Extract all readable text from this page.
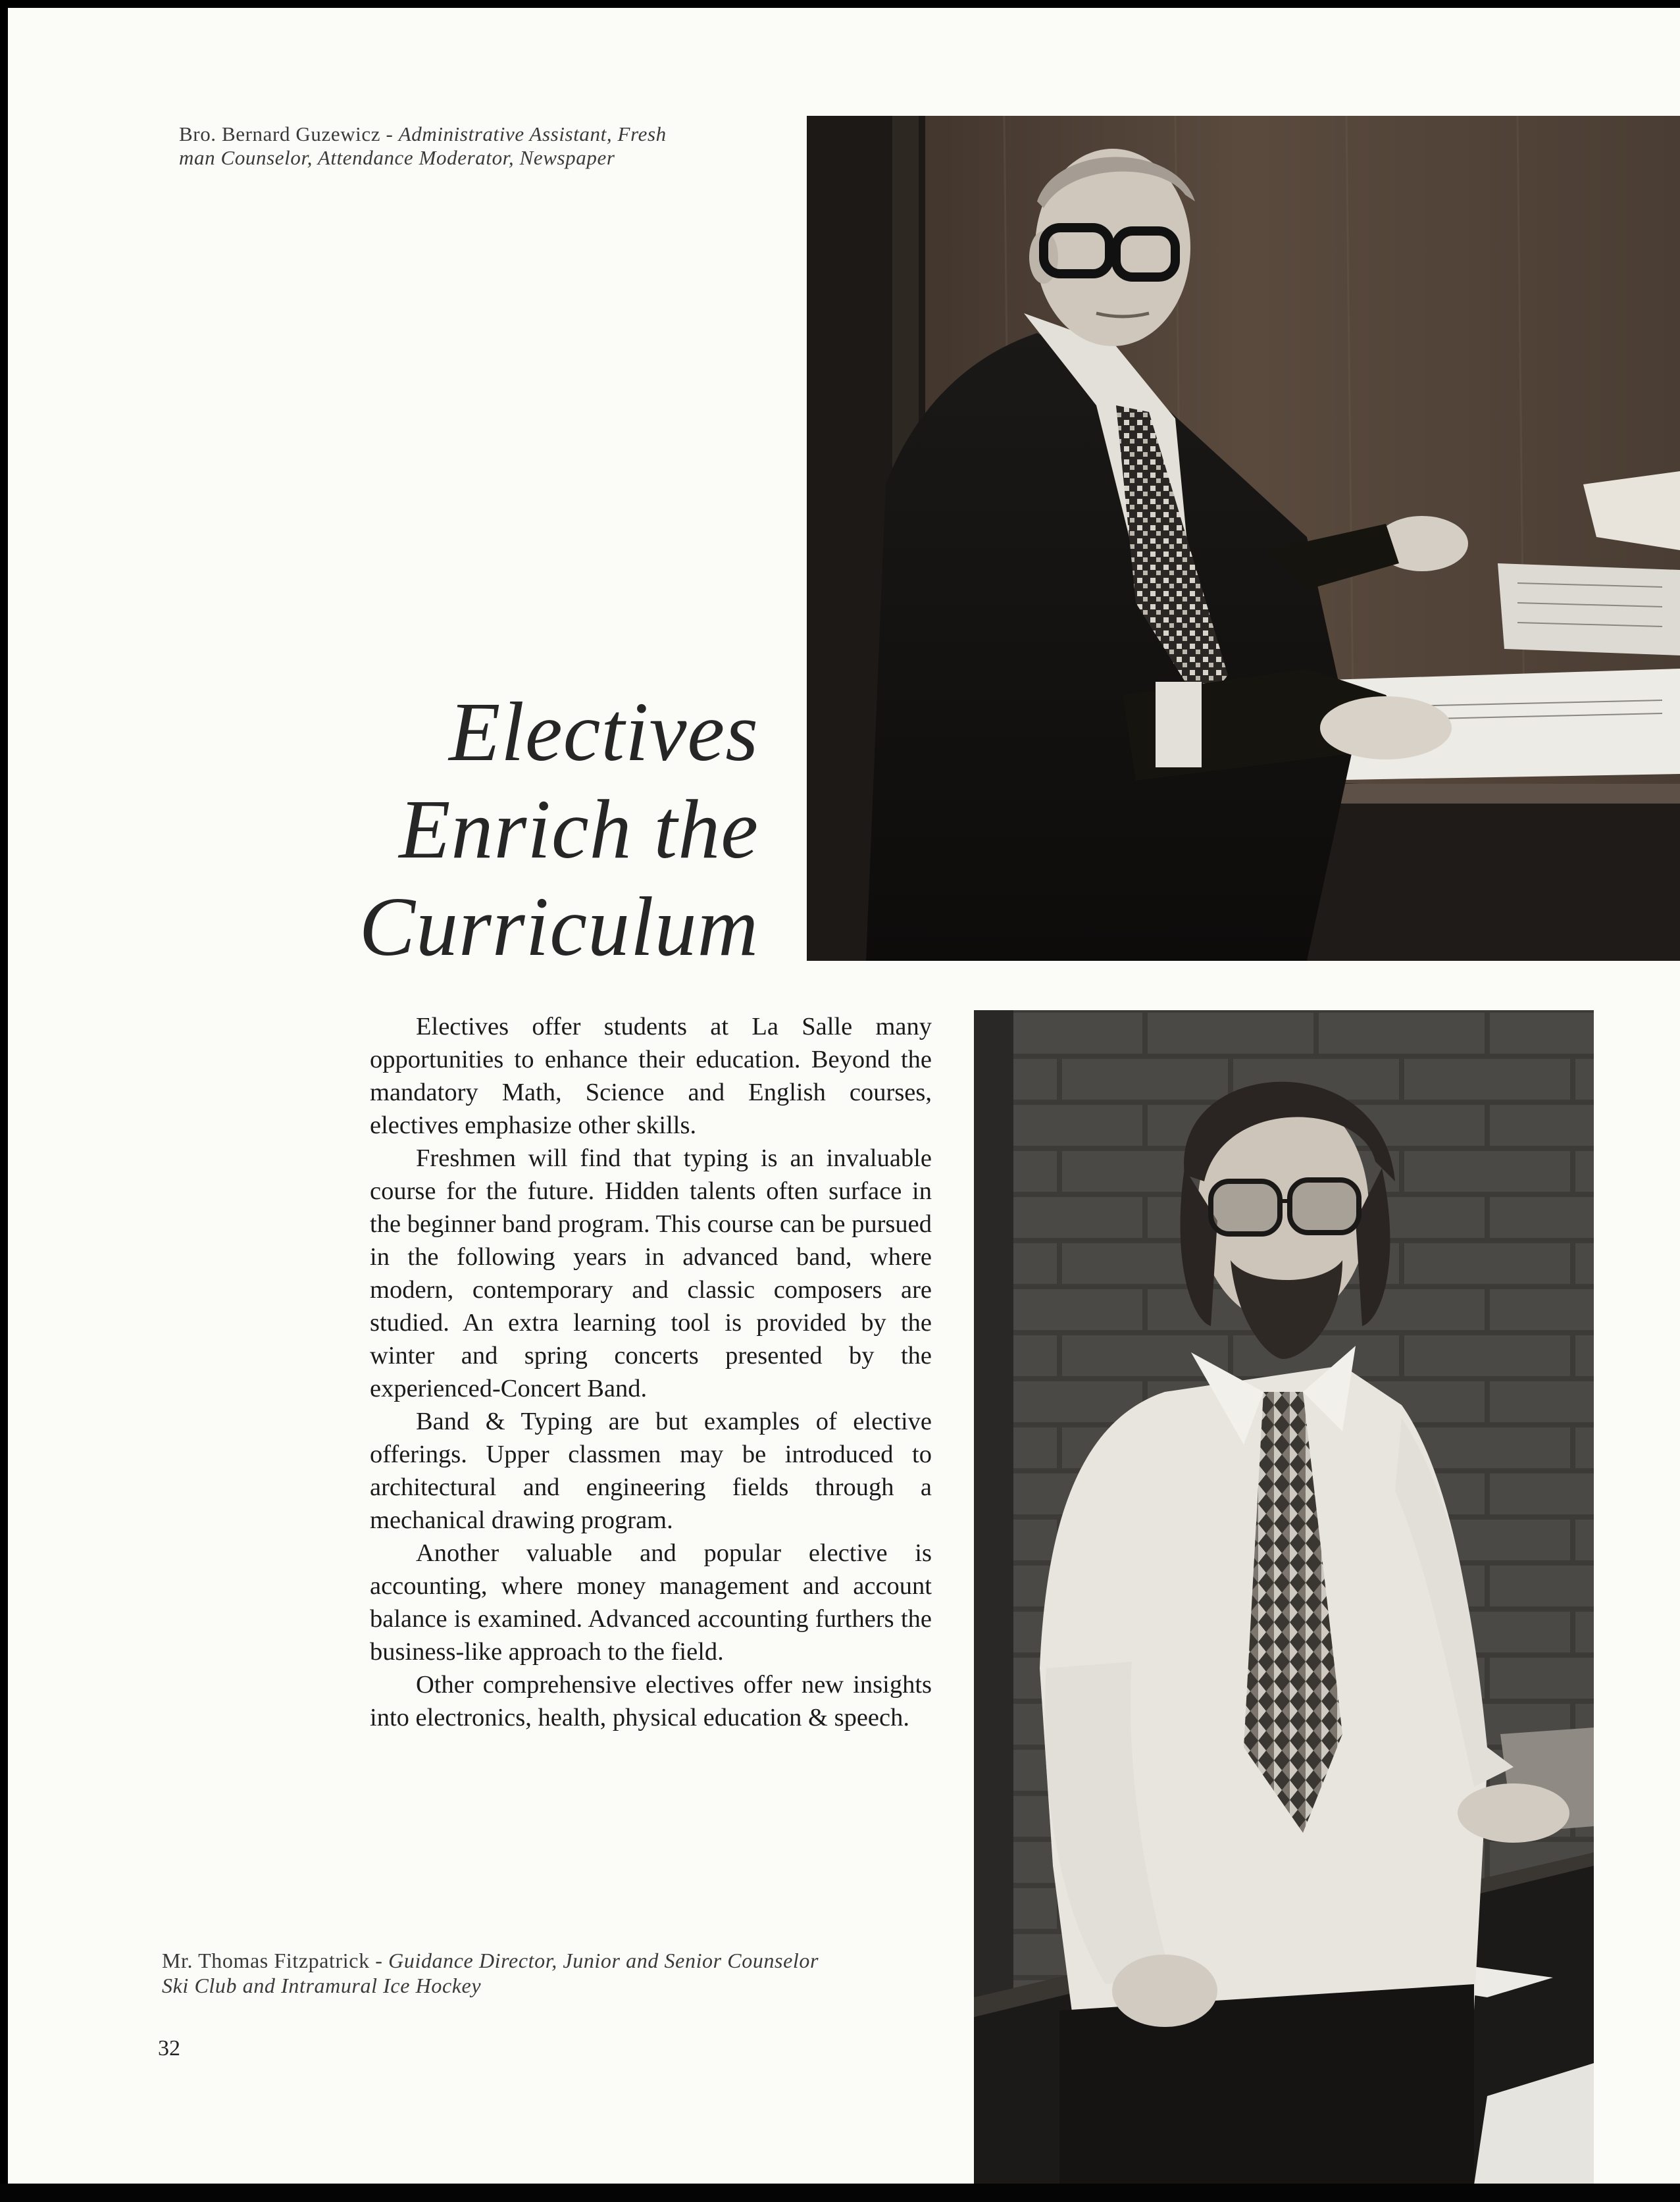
Bro. Bernard Guzewicz - Administrative Assistant, Fresh
man Counselor, Attendance Moderator, Newspaper
Electives
Enrich the
Curriculum

Electives offer students at La Salle many opportunities to enhance their education. Beyond the mandatory Math, Science and English courses, electives emphasize other skills.

Freshmen will find that typing is an invaluable course for the future. Hidden talents often surface in the beginner band program. This course can be pursued in the following years in advanced band, where modern, contemporary and classic composers are studied. An extra learning tool is provided by the winter and spring concerts presented by the experienced-Concert Band.

Band & Typing are but examples of elective offerings. Upper classmen may be introduced to architectural and engineering fields through a mechanical drawing program.

Another valuable and popular elective is accounting, where money management and account balance is examined. Advanced accounting furthers the business-like approach to the field.

Other comprehensive electives offer new insights into electronics, health, physical education & speech.

Mr. Thomas Fitzpatrick - Guidance Director, Junior and Senior Counselor
Ski Club and Intramural Ice Hockey
32
